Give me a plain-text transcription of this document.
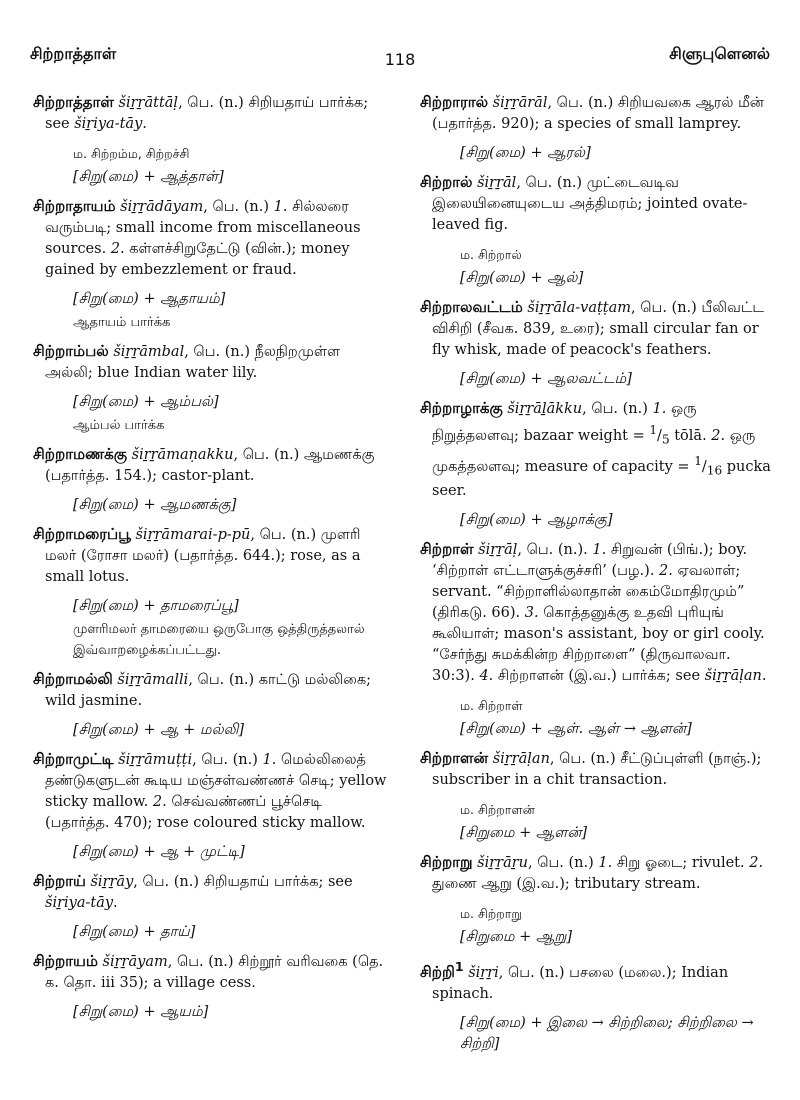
சிற்றாத்தாள்	118	சிளுபுளெனல்
சிற்றாத்தாள் šiṟṟāttāḷ, பெ. (n.) சிறியதாய் பார்க்க; see šiṟiya-tāy.
ம. சிற்றம்ம, சிற்றச்சி
[சிறு(மை) + ஆத்தாள்]
சிற்றாதாயம் šiṟṟādāyam, பெ. (n.) 1. சில்லரை வரும்படி; small income from miscellaneous sources. 2. கள்ளச்சிறுதேட்டு (வின்.); money gained by embezzlement or fraud.
[சிறு(மை) + ஆதாயம்]
ஆதாயம் பார்க்க
சிற்றாம்பல் šiṟṟāmbal, பெ. (n.) நீலநிறமுள்ள அல்லி; blue Indian water lily.
[சிறு(மை) + ஆம்பல்]
ஆம்பல் பார்க்க
சிற்றாமணக்கு šiṟṟāmaṇakku, பெ. (n.) ஆமணக்கு (பதார்த்த. 154.); castor-plant.
[சிறு(மை) + ஆமணக்கு]
சிற்றாமரைப்பூ šiṟṟāmarai-p-pū, பெ. (n.) முளரி மலர் (ரோசா மலர்) (பதார்த்த. 644.); rose, as a small lotus.
[சிறு(மை) + தாமரைப்பூ]
முளரிமலர் தாமரையை ஒருபோகு ஒத்திருத்தலால் இவ்வாறழைக்கப்பட்டது.
சிற்றாமல்லி šiṟṟāmalli, பெ. (n.) காட்டு மல்லிகை; wild jasmine.
[சிறு(மை) + ஆ + மல்லி]
சிற்றாமுட்டி šiṟṟāmuṭṭi, பெ. (n.) 1. மெல்லிலைத் தண்டுகளுடன் கூடிய மஞ்சள்வண்ணச் செடி; yellow sticky mallow. 2. செவ்வண்ணப் பூச்செடி (பதார்த்த. 470); rose coloured sticky mallow.
[சிறு(மை) + ஆ + முட்டி]
சிற்றாய் šiṟṟāy, பெ. (n.) சிறியதாய் பார்க்க; see šiṟiya-tāy.
[சிறு(மை) + தாய்]
சிற்றாயம் šiṟṟāyam, பெ. (n.) சிற்றூர் வரிவகை (தெ. க. தொ. iii 35); a village cess.
[சிறு(மை) + ஆயம்]
சிற்றாரால் šiṟṟārāl, பெ. (n.) சிறியவகை ஆரல் மீன் (பதார்த்த. 920); a species of small lamprey.
[சிறு(மை) + ஆரல்]
சிற்றால் šiṟṟāl, பெ. (n.) முட்டைவடிவ இலையினையுடைய அத்திமரம்; jointed ovate-leaved fig.
ம. சிற்றால்
[சிறு(மை) + ஆல்]
சிற்றாலவட்டம் šiṟṟāla-vaṭṭam, பெ. (n.) பீலிவட்ட விசிறி (சீவக. 839, உரை); small circular fan or fly whisk, made of peacock's feathers.
[சிறு(மை) + ஆலவட்டம்]
சிற்றாழாக்கு šiṟṟāḻākku, பெ. (n.) 1. ஒரு நிறுத்தலளவு; bazaar weight = $^1/_5$ tōlā. 2. ஒரு முகத்தலளவு; measure of capacity = $^1/_{16}$ pucka seer.
[சிறு(மை) + ஆழாக்கு]
சிற்றாள் šiṟṟāḷ, பெ. (n.). 1. சிறுவன் (பிங்.); boy. ‘சிற்றாள் எட்டாளுக்குச்சரி’ (பழ.). 2. ஏவலாள்; servant. “சிற்றாளில்லாதான் கைம்மோதிரமும்” (திரிகடு. 66). 3. கொத்தனுக்கு உதவி புரியுங் கூலியாள்; mason's assistant, boy or girl cooly. “சேர்ந்து சுமக்கின்ற சிற்றாளை” (திருவாலவா. 30:3). 4. சிற்றாளன் (இ.வ.) பார்க்க; see šiṟṟāḷan.
ம. சிற்றாள்
[சிறு(மை) + ஆள். ஆள் → ஆளன்]
சிற்றாளன் šiṟṟāḷan, பெ. (n.) சீட்டுப்புள்ளி (நாஞ்.); subscriber in a chit transaction.
ம. சிற்றாளன்
[சிறுமை + ஆளன்]
சிற்றாறு šiṟṟāṟu, பெ. (n.) 1. சிறு ஓடை; rivulet. 2. துணை ஆறு (இ.வ.); tributary stream.
ம. சிற்றாறு
[சிறுமை + ஆறு]
சிற்றி$^1$ šiṟṟi, பெ. (n.) பசலை (மலை.); Indian spinach.
[சிறு(மை) + இலை → சிற்றிலை; சிற்றிலை → சிற்றி]
